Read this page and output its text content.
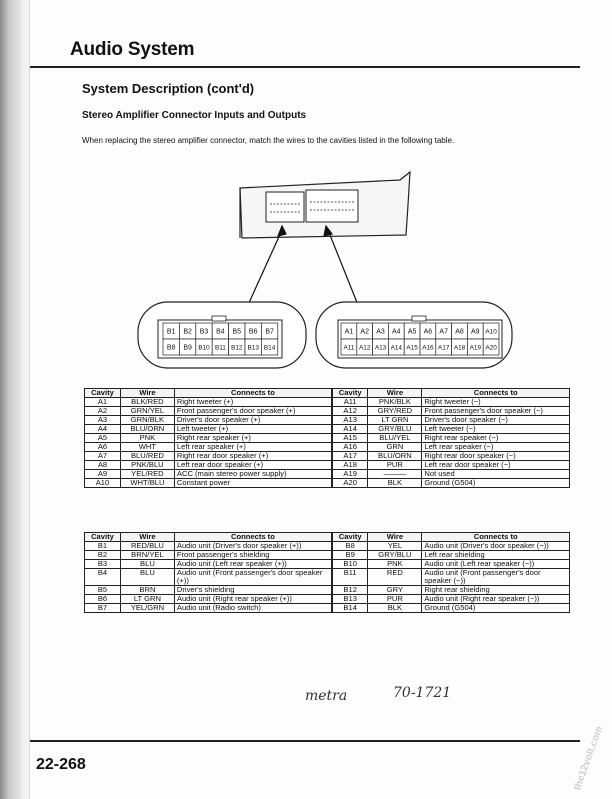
Audio System
System Description (cont'd)
Stereo Amplifier Connector Inputs and Outputs
When replacing the stereo amplifier connector, match the wires to the cavities listed in the following table.
B1 B2 B3 B4 B5 B6 B7
B8 B9 B10 B11 B12 B13 B14
A1 A2 A3 A4 A5 A6 A7 A8 A9 A10
A11 A12 A13 A14 A15 A16 A17 A18 A19 A20
Cavity	Wire	Connects to	Cavity	Wire	Connects to
A1	BLK/RED	Right tweeter (+)	A11	PNK/BLK	Right tweeter (−)
A2	GRN/YEL	Front passenger's door speaker (+)	A12	GRY/RED	Front passenger's door speaker (−)
A3	GRN/BLK	Driver's door speaker (+)	A13	LT GRN	Driver's door speaker (−)
A4	BLU/ORN	Left tweeter (+)	A14	GRY/BLU	Left tweeter (−)
A5	PNK	Right rear speaker (+)	A15	BLU/YEL	Right rear speaker (−)
A6	WHT	Left rear speaker (+)	A16	GRN	Left rear speaker (−)
A7	BLU/RED	Right rear door speaker (+)	A17	BLU/ORN	Right rear door speaker (−)
A8	PNK/BLU	Left rear door speaker (+)	A18	PUR	Left rear door speaker (−)
A9	YEL/RED	ACC (main stereo power supply)	A19	———	Not used
A10	WHT/BLU	Constant power	A20	BLK	Ground (G504)
Cavity	Wire	Connects to	Cavity	Wire	Connects to
B1	RED/BLU	Audio unit (Driver's door speaker (+))	B8	YEL	Audio unit (Driver's door speaker (−))
B2	BRN/YEL	Front passenger's shielding	B9	GRY/BLU	Left rear shielding
B3	BLU	Audio unit (Left rear speaker (+))	B10	PNK	Audio unit (Left rear speaker (−))
B4	BLU	Audio unit (Front passenger's door speaker (+))	B11	RED	Audio unit (Front passenger's door speaker (−))
B5	BRN	Driver's shielding	B12	GRY	Right rear shielding
B6	LT GRN	Audio unit (Right rear speaker (+))	B13	PUR	Audio unit (Right rear speaker (−))
B7	YEL/GRN	Audio unit (Radio switch)	B14	BLK	Ground (G504)
metra	70-1721
22-268	the12volt.com
